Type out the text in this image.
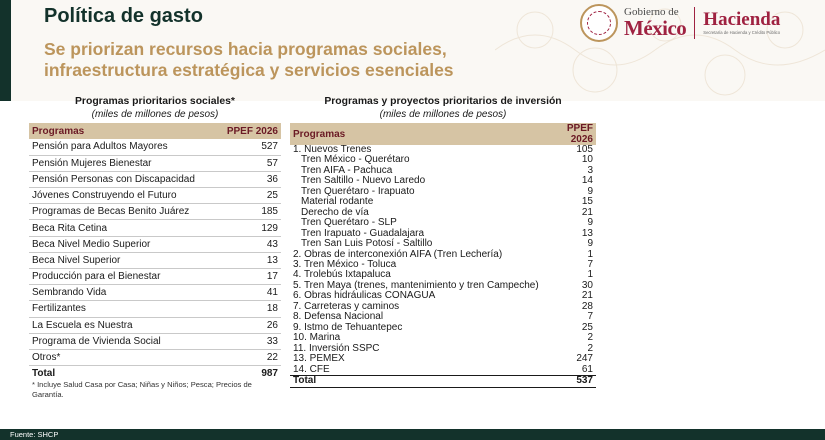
Política de gasto
Se priorizan recursos hacia programas sociales,
infraestructura estratégica y servicios esenciales
Gobierno de
México Hacienda
Secretaría de Hacienda y Crédito Público
Programas prioritarios sociales*
(miles de millones de pesos)
Programas	PPEF 2026
Pensión para Adultos Mayores	527
Pensión Mujeres Bienestar	57
Pensión Personas con Discapacidad	36
Jóvenes Construyendo el Futuro	25
Programas de Becas Benito Juárez	185
Beca Rita Cetina	129
Beca Nivel Medio Superior	43
Beca Nivel Superior	13
Producción para el Bienestar	17
Sembrando Vida	41
Fertilizantes	18
La Escuela es Nuestra	26
Programa de Vivienda Social	33
Otros*	22
Total	987
* Incluye Salud Casa por Casa; Niñas y Niños; Pesca; Precios de Garantía.
Programas y proyectos prioritarios de inversión
(miles de millones de pesos)
Programas	PPEF 2026
1. Nuevos Trenes	105
Tren México - Querétaro	10
Tren AIFA - Pachuca	3
Tren Saltillo - Nuevo Laredo	14
Tren Querétaro - Irapuato	9
Material rodante	15
Derecho de vía	21
Tren Querétaro - SLP	9
Tren Irapuato - Guadalajara	13
Tren San Luis Potosí - Saltillo	9
2. Obras de interconexión AIFA (Tren Lechería)	1
3. Tren México - Toluca	7
4. Trolebús Ixtapaluca	1
5. Tren Maya (trenes, mantenimiento y tren Campeche)	30
6. Obras hidráulicas CONAGUA	21
7. Carreteras y caminos	28
8. Defensa Nacional	7
9. Istmo de Tehuantepec	25
10. Marina	2
11. Inversión SSPC	2
13. PEMEX	247
14. CFE	61
Total	537
Fuente: SHCP
